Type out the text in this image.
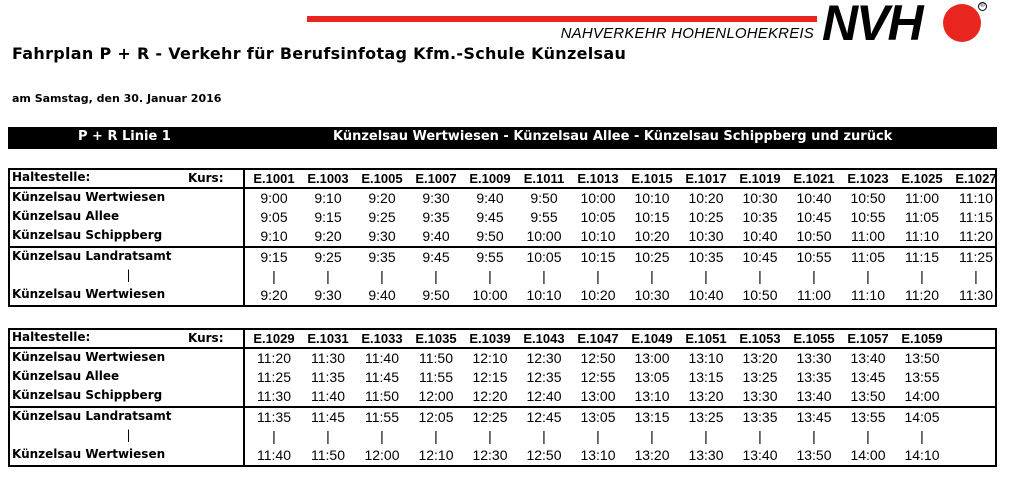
NAHVERKEHR HOHENLOHEKREIS NVH	®
Fahrplan P + R - Verkehr für Berufsinfotag Kfm.-Schule Künzelsau
am Samstag, den 30. Januar 2016
P + R Linie 1	Künzelsau Wertwiesen - Künzelsau Allee - Künzelsau Schippberg und zurück
Haltestelle:	Kurs:	E.1001 E.1003 E.1005 E.1007 E.1009	E.1011	E.1013 E.1015 E.1017 E.1019 E.1021 E.1023 E.1025 E.1027
Künzelsau Wertwiesen	9:00	9:10	9:20	9:30	9:40	9:50	10:00	10:10	10:20	10:30	10:40	10:50	11:00	11:10
Künzelsau Allee	9:05	9:15	9:25	9:35	9:45	9:55	10:05	10:15	10:25	10:35	10:45	10:55	11:05	11:15
Künzelsau Schippberg	9:10	9:20	9:30	9:40	9:50	10:00	10:10	10:20	10:30	10:40	10:50	11:00	11:10	11:20
Künzelsau Landratsamt	9:15	9:25	9:35	9:45	9:55	10:05	10:15	10:25	10:35	10:45	10:55	11:05	11:15	11:25
|	|	|	|	|	|	|	|	|	|	|	|	|	|	|
Künzelsau Wertwiesen	9:20	9:30	9:40	9:50	10:00	10:10	10:20	10:30	10:40	10:50	11:00	11:10	11:20	11:30
Haltestelle:	Kurs:	E.1029 E.1031 E.1033 E.1035 E.1039 E.1043 E.1047 E.1049 E.1051 E.1053 E.1055 E.1057 E.1059
Künzelsau Wertwiesen	11:20	11:30	11:40	11:50	12:10	12:30	12:50	13:00	13:10	13:20	13:30	13:40	13:50
Künzelsau Allee	11:25	11:35	11:45	11:55	12:15	12:35	12:55	13:05	13:15	13:25	13:35	13:45	13:55
Künzelsau Schippberg	11:30	11:40	11:50	12:00	12:20	12:40	13:00	13:10	13:20	13:30	13:40	13:50	14:00
Künzelsau Landratsamt	11:35	11:45	11:55	12:05	12:25	12:45	13:05	13:15	13:25	13:35	13:45	13:55	14:05
|	|	|	|	|	|	|	|	|	|	|	|	|	|
Künzelsau Wertwiesen	11:40	11:50	12:00	12:10	12:30	12:50	13:10	13:20	13:30	13:40	13:50	14:00	14:10
